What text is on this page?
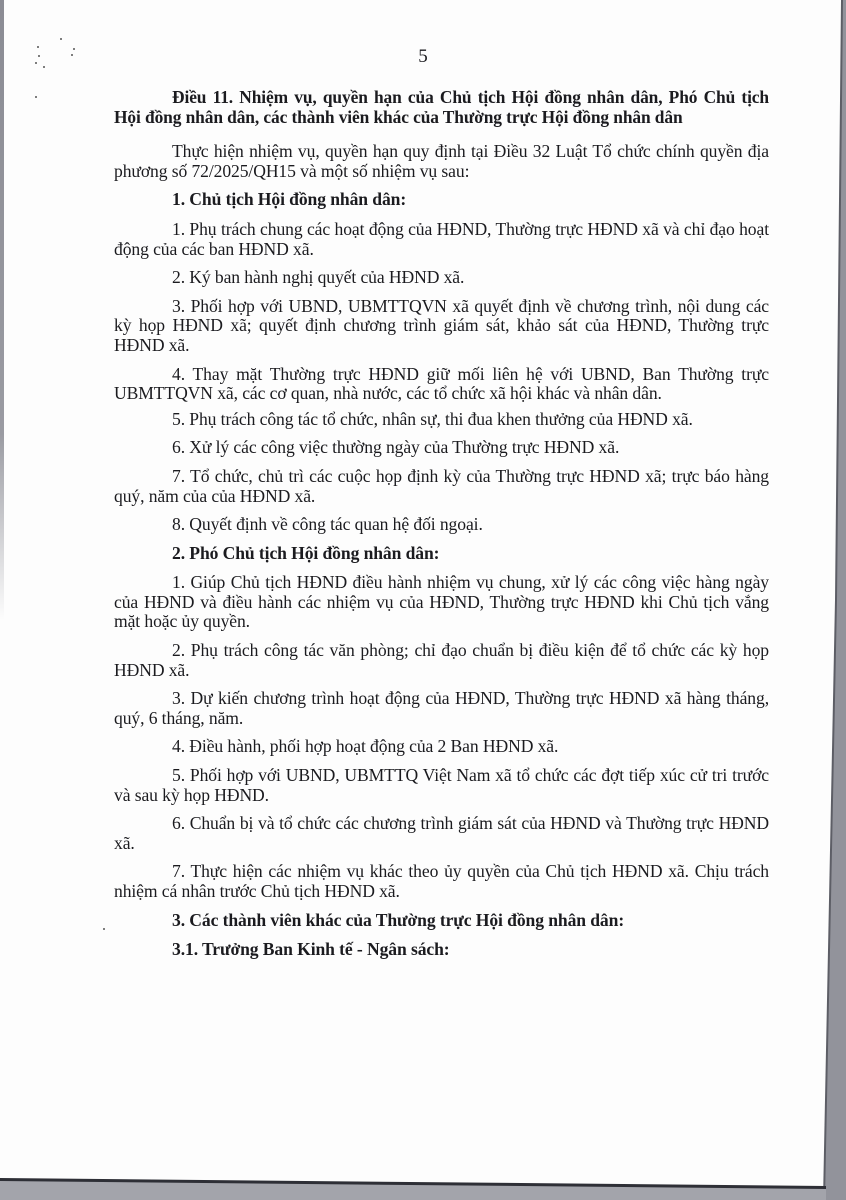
5

Điều 11. Nhiệm vụ, quyền hạn của Chủ tịch Hội đồng nhân dân, Phó Chủ tịch Hội đồng nhân dân, các thành viên khác của Thường trực Hội đồng nhân dân

Thực hiện nhiệm vụ, quyền hạn quy định tại Điều 32 Luật Tổ chức chính quyền địa phương số 72/2025/QH15 và một số nhiệm vụ sau:

1. Chủ tịch Hội đồng nhân dân:

1. Phụ trách chung các hoạt động của HĐND, Thường trực HĐND xã và chỉ đạo hoạt động của các ban HĐND xã.

2. Ký ban hành nghị quyết của HĐND xã.

3. Phối hợp với UBND, UBMTTQVN xã quyết định về chương trình, nội dung các kỳ họp HĐND xã; quyết định chương trình giám sát, khảo sát của HĐND, Thường trực HĐND xã.

4. Thay mặt Thường trực HĐND giữ mối liên hệ với UBND, Ban Thường trực UBMTTQVN xã, các cơ quan, nhà nước, các tổ chức xã hội khác và nhân dân.

5. Phụ trách công tác tổ chức, nhân sự, thi đua khen thưởng của HĐND xã.

6. Xử lý các công việc thường ngày của Thường trực HĐND xã.

7. Tổ chức, chủ trì các cuộc họp định kỳ của Thường trực HĐND xã; trực báo hàng quý, năm của của HĐND xã.

8. Quyết định về công tác quan hệ đối ngoại.

2. Phó Chủ tịch Hội đồng nhân dân:

1. Giúp Chủ tịch HĐND điều hành nhiệm vụ chung, xử lý các công việc hàng ngày của HĐND và điều hành các nhiệm vụ của HĐND, Thường trực HĐND khi Chủ tịch vắng mặt hoặc ủy quyền.

2. Phụ trách công tác văn phòng; chỉ đạo chuẩn bị điều kiện để tổ chức các kỳ họp HĐND xã.

3. Dự kiến chương trình hoạt động của HĐND, Thường trực HĐND xã hàng tháng, quý, 6 tháng, năm.

4. Điều hành, phối hợp hoạt động của 2 Ban HĐND xã.

5. Phối hợp với UBND, UBMTTQ Việt Nam xã tổ chức các đợt tiếp xúc cử tri trước và sau kỳ họp HĐND.

6. Chuẩn bị và tổ chức các chương trình giám sát của HĐND và Thường trực HĐND xã.

7. Thực hiện các nhiệm vụ khác theo ủy quyền của Chủ tịch HĐND xã. Chịu trách nhiệm cá nhân trước Chủ tịch HĐND xã.

3. Các thành viên khác của Thường trực Hội đồng nhân dân:

3.1. Trưởng Ban Kinh tế - Ngân sách:
